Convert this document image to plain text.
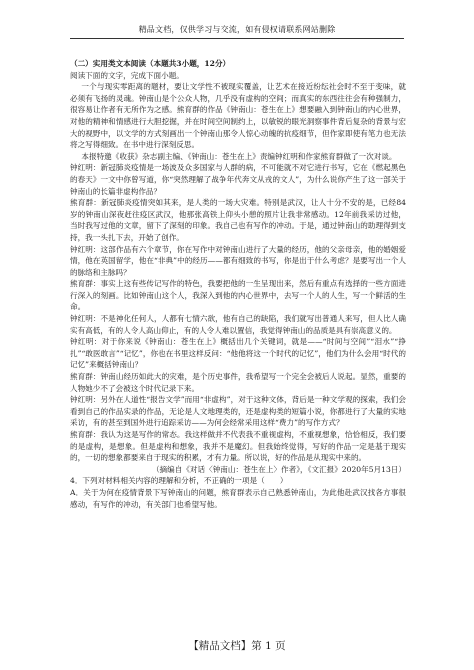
精品文档，仅供学习与交流，如有侵权请联系网站删除

（二）实用类文本阅读（本题共3小题，12分）

阅读下面的文字，完成下面小题。

一个与现实零距离的题材，要让文学性不被现实覆盖，让艺术在接近纷纭社会时不至于变味，就必须有飞扬的灵魂。钟南山是个公众人物，几乎没有虚构的空间；而真实的东西往往会有种强制力，很容易让作者有无所作为之感。熊育群的作品《钟南山：苍生在上》想要融入到钟南山的内心世界，对他的精神和情感进行大胆挖掘，并在时间空间制约上，以敏锐的眼光洞察事件背后复杂的背景与宏大的视野中，以文学的方式刻画出一个钟南山那令人惊心动魄的抗疫细节，但作家即使有笔力也无法将之写得细致。在书中进行深刻反思。

本报特邀《收获》杂志副主编、《钟南山：苍生在上》责编钟红明和作家熊育群做了一次对谈。

钟红明：新冠肺炎疫情是一场波及众多国家与人群的病，不可能就不对它进行书写，它在《燃起黑色的春天》一文中你曾写道，你“突然理解了战争年代奔文从戎的文人”，为什么说你产生了这一部关于钟南山的长篇非虚构作品？

熊育群：新冠肺炎疫情突如其来，是人类的一场大灾难。特别是武汉，让人十分不安的是，已经84岁的钟南山深夜赶往疫区武汉，他那张高铁上仰头小憩的照片让我非常感动。12年前我采访过他，当时我写过他的文章，留下了深刻的印象。我自己也有写作的冲动。于是，通过钟南山的助理得到支持，我一头扎下去，开始了创作。

钟红明：这部作品有六个章节，你在写作中对钟南山进行了大量的经历，他的父亲母亲，他的婚姻爱情，他在英国留学，他在“非典”中的经历——都有细致的书写，你是出于什么考虑？是要写出一个人的脉络和主脉吗？

熊育群：事实上这有些传记写作的特色，我要把他的一生呈现出来，然后有重点有选择的一些方面进行深入的刻画。比如钟南山这个人，我深入到他的内心世界中，去写一个人的人生，写一个鲜活的生命。

钟红明：不是神化任何人，人都有七情六欲，他有自己的缺陷，我们就写出普通人来写，但人比人确实有高低，有的人令人高山仰止，有的人令人难以置信，我觉得钟南山的品质是具有崇高意义的。

钟红明：对于你来说《钟南山：苍生在上》概括出几个关键词，就是——“时间与空间”“泪水”“挣扎”“敢医敢言”“记忆”，你也在书里这样反问：“他他将这一个时代的记忆”，他们为什么会用“时代的记忆”来概括钟南山？

熊育群：钟南山经历如此大的灾难，是个历史事件，我希望写一个完全会被后人说起。显然，重要的人物她少不了会被这个时代记录下来。

钟红明：另外在人道性“报告文学”而用“非虚构”，对于这种文体，背后是一种文学观的探索，我们会看到自己的作品实录的作品，无论是人文地理类的，还是虚构类的短篇小说，你都进行了大量的实地采访，有的甚至到国外进行追踪采访——为何会经常采用这样“费力”的写作方式？

熊育群：我认为这是写作的常态。我这样做并不代表我不重视虚构，不重视想象，恰恰相反，我们要的是虚构，是想象。但是虚构和想象，我并不是魔幻。但我始终觉得，写好的作品一定是基于现实的，一切的想象都要来自于现实的积累，才有力量。所以说，好的作品是从现实中来的。

（摘编自《对话〈钟南山：苍生在上〉作者》，《文汇报》2020年5月13日）

4．下列对材料相关内容的理解和分析，不正确的一项是（　　）

A．关于为何在疫情背景下写钟南山的问题，熊育群表示自己熟悉钟南山，为此他赴武汉找各方事很感动，有写作的冲动，有关部门也希望写他。

【精品文档】第 1 页
